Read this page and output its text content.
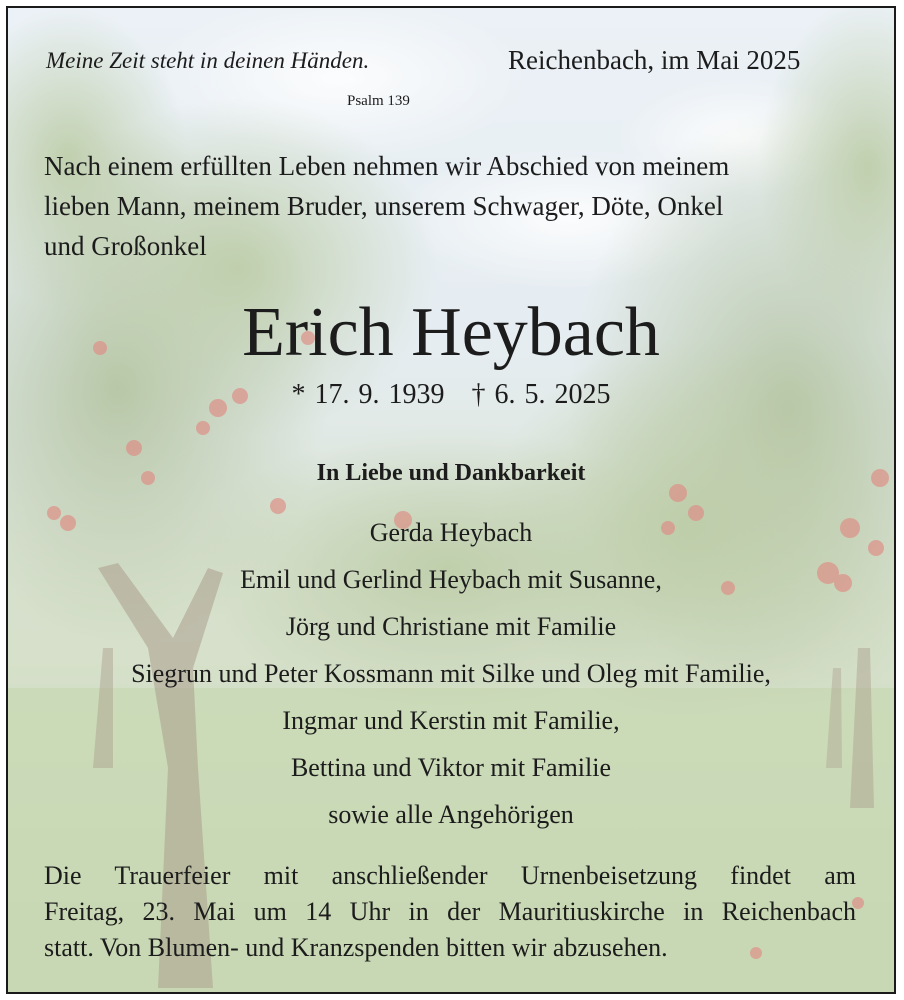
Meine Zeit steht in deinen Händen.
Psalm 139
Reichenbach, im Mai 2025
Nach einem erfüllten Leben nehmen wir Abschied von meinem
lieben Mann, meinem Bruder, unserem Schwager, Döte, Onkel
und Großonkel
Erich Heybach
* 17. 9. 1939   † 6. 5. 2025
In Liebe und Dankbarkeit
Gerda Heybach
Emil und Gerlind Heybach mit Susanne,
Jörg und Christiane mit Familie
Siegrun und Peter Kossmann mit Silke und Oleg mit Familie,
Ingmar und Kerstin mit Familie,
Bettina und Viktor mit Familie
sowie alle Angehörigen
Die Trauerfeier mit anschließender Urnenbeisetzung findet am
Freitag, 23. Mai um 14 Uhr in der Mauritiuskirche in Reichenbach
statt. Von Blumen- und Kranzspenden bitten wir abzusehen.
